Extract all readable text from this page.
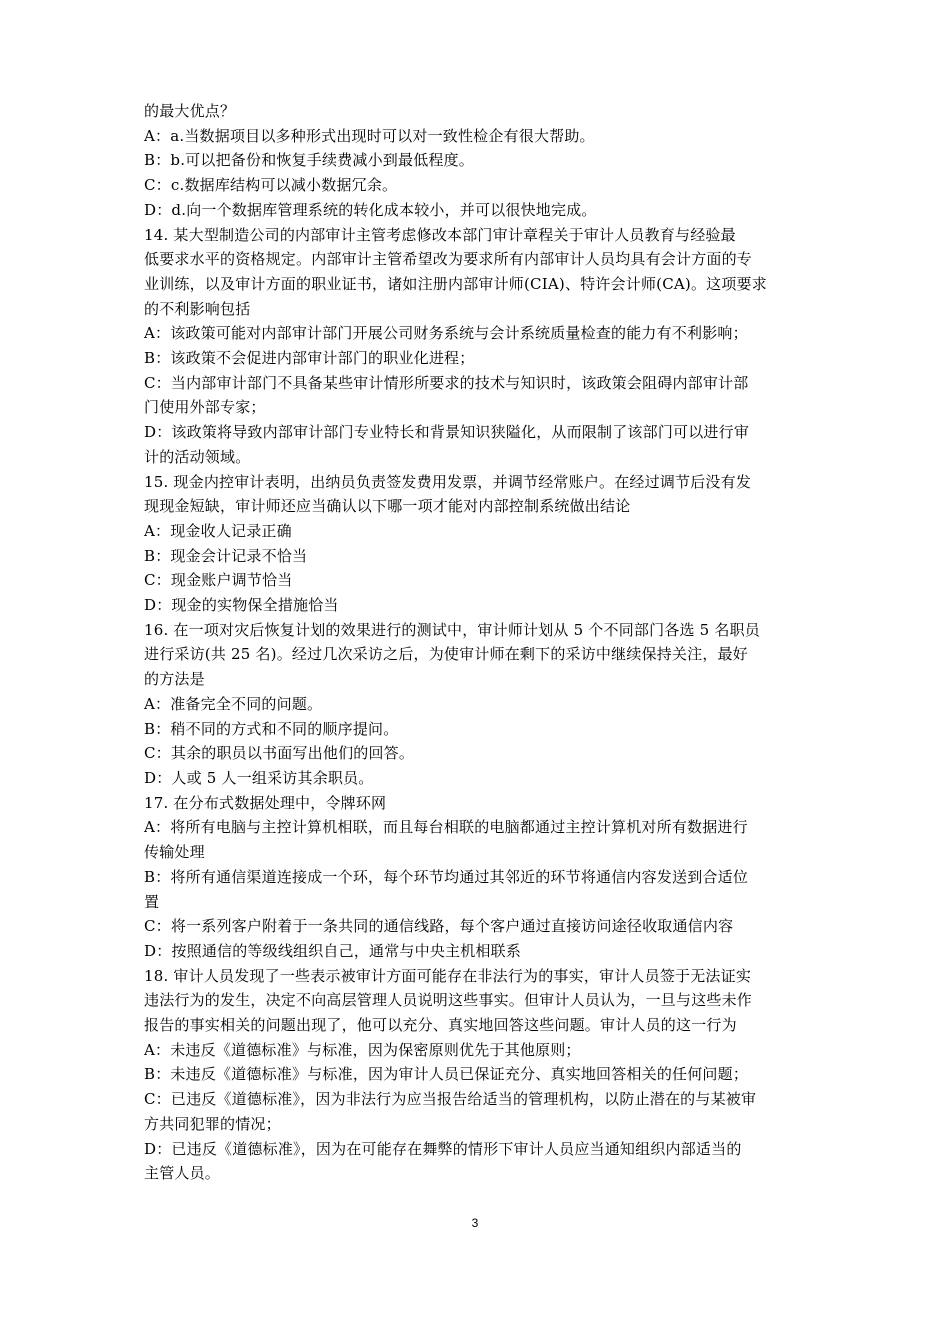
的最大优点？
A：a.当数据项目以多种形式出现时可以对一致性检企有很大帮助。
B：b.可以把备份和恢复手续费减小到最低程度。
C：c.数据库结构可以减小数据冗余。
D：d.向一个数据库管理系统的转化成本较小，并可以很快地完成。
14. 某大型制造公司的内部审计主管考虑修改本部门审计章程关于审计人员教育与经验最
低要求水平的资格规定。内部审计主管希望改为要求所有内部审计人员均具有会计方面的专
业训练，以及审计方面的职业证书，诸如注册内部审计师(CIA)、特许会计师(CA)。这项要求
的不利影响包括
A：该政策可能对内部审计部门开展公司财务系统与会计系统质量检查的能力有不利影响；
B：该政策不会促进内部审计部门的职业化进程；
C：当内部审计部门不具备某些审计情形所要求的技术与知识时，该政策会阻碍内部审计部
门使用外部专家；
D：该政策将导致内部审计部门专业特长和背景知识狭隘化，从而限制了该部门可以进行审
计的活动领域。
15. 现金内控审计表明，出纳员负责签发费用发票，并调节经常账户。在经过调节后没有发
现现金短缺，审计师还应当确认以下哪一项才能对内部控制系统做出结论
A：现金收人记录正确
B：现金会计记录不恰当
C：现金账户调节恰当
D：现金的实物保全措施恰当
16. 在一项对灾后恢复计划的效果进行的测试中，审计师计划从 5 个不同部门各选 5 名职员
进行采访(共 25 名)。经过几次采访之后，为使审计师在剩下的采访中继续保持关注，最好
的方法是
A：准备完全不同的问题。
B：稍不同的方式和不同的顺序提问。
C：其余的职员以书面写出他们的回答。
D：人或 5 人一组采访其余职员。
17. 在分布式数据处理中，令牌环网
A：将所有电脑与主控计算机相联，而且每台相联的电脑都通过主控计算机对所有数据进行
传输处理
B：将所有通信渠道连接成一个环，每个环节均通过其邻近的环节将通信内容发送到合适位
置
C：将一系列客户附着于一条共同的通信线路，每个客户通过直接访问途径收取通信内容
D：按照通信的等级线组织自己，通常与中央主机相联系
18. 审计人员发现了一些表示被审计方面可能存在非法行为的事实，审计人员签于无法证实
违法行为的发生，决定不向高层管理人员说明这些事实。但审计人员认为，一旦与这些未作
报告的事实相关的问题出现了，他可以充分、真实地回答这些问题。审计人员的这一行为
A：未违反《道德标准》与标准，因为保密原则优先于其他原则；
B：未违反《道德标准》与标准，因为审计人员已保证充分、真实地回答相关的任何问题；
C：已违反《道德标准》，因为非法行为应当报告给适当的管理机构，以防止潜在的与某被审
方共同犯罪的情况；
D：已违反《道德标准》，因为在可能存在舞弊的情形下审计人员应当通知组织内部适当的
主管人员。
3
